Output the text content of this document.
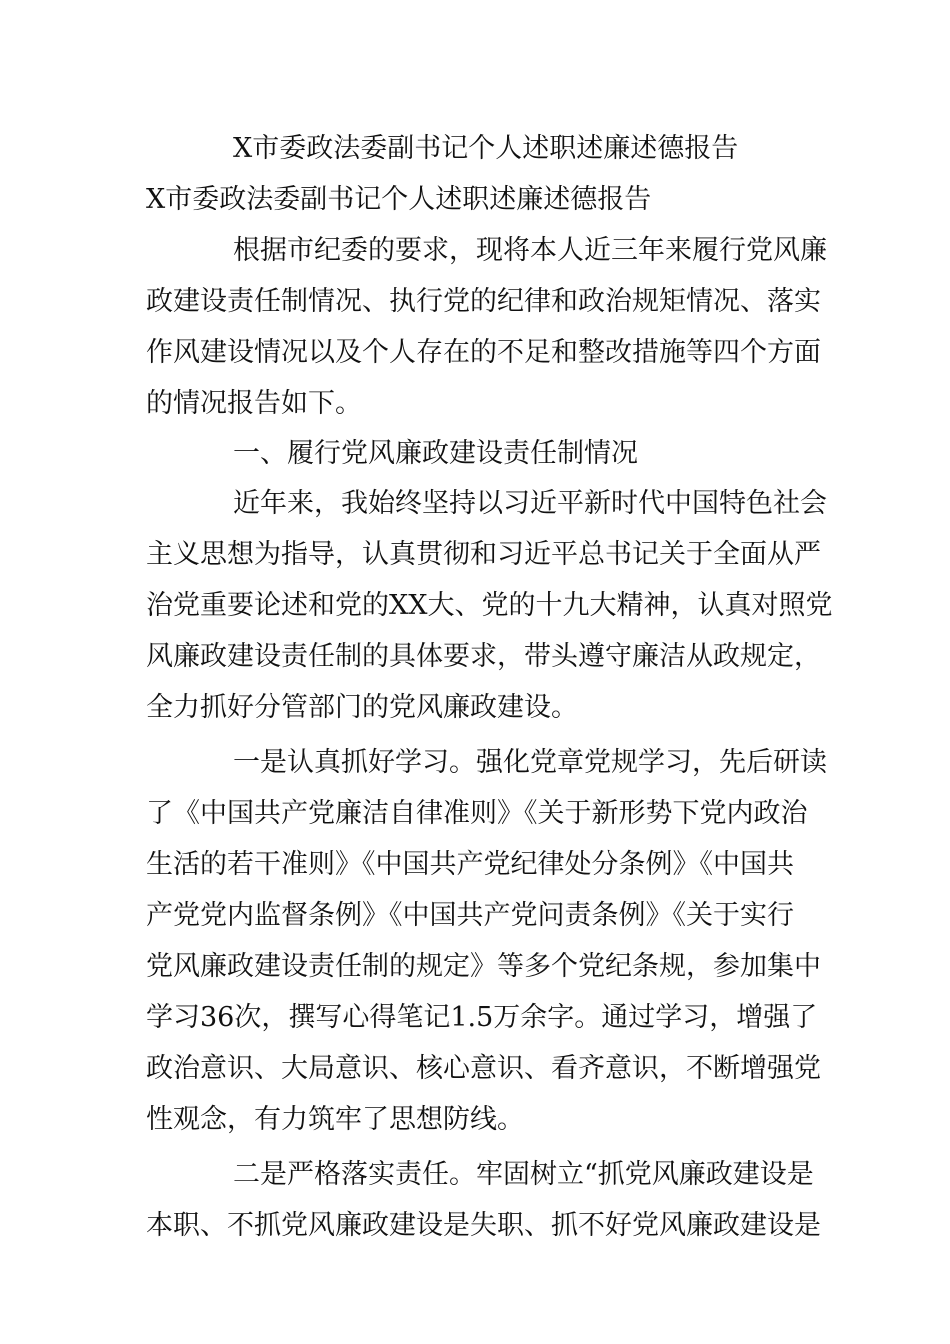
X市委政法委副书记个人述职述廉述德报告
X市委政法委副书记个人述职述廉述德报告
根据市纪委的要求，现将本人近三年来履行党风廉
政建设责任制情况、执行党的纪律和政治规矩情况、落实
作风建设情况以及个人存在的不足和整改措施等四个方面
的情况报告如下。
一、履行党风廉政建设责任制情况
近年来，我始终坚持以习近平新时代中国特色社会
主义思想为指导，认真贯彻和习近平总书记关于全面从严
治党重要论述和党的XX大、党的十九大精神，认真对照党
风廉政建设责任制的具体要求，带头遵守廉洁从政规定，
全力抓好分管部门的党风廉政建设。
一是认真抓好学习。强化党章党规学习，先后研读
了《中国共产党廉洁自律准则》《关于新形势下党内政治
生活的若干准则》《中国共产党纪律处分条例》《中国共
产党党内监督条例》《中国共产党问责条例》《关于实行
党风廉政建设责任制的规定》等多个党纪条规，参加集中
学习36次，撰写心得笔记1.5万余字。通过学习，增强了
政治意识、大局意识、核心意识、看齐意识，不断增强党
性观念，有力筑牢了思想防线。
二是严格落实责任。牢固树立“抓党风廉政建设是
本职、不抓党风廉政建设是失职、抓不好党风廉政建设是
